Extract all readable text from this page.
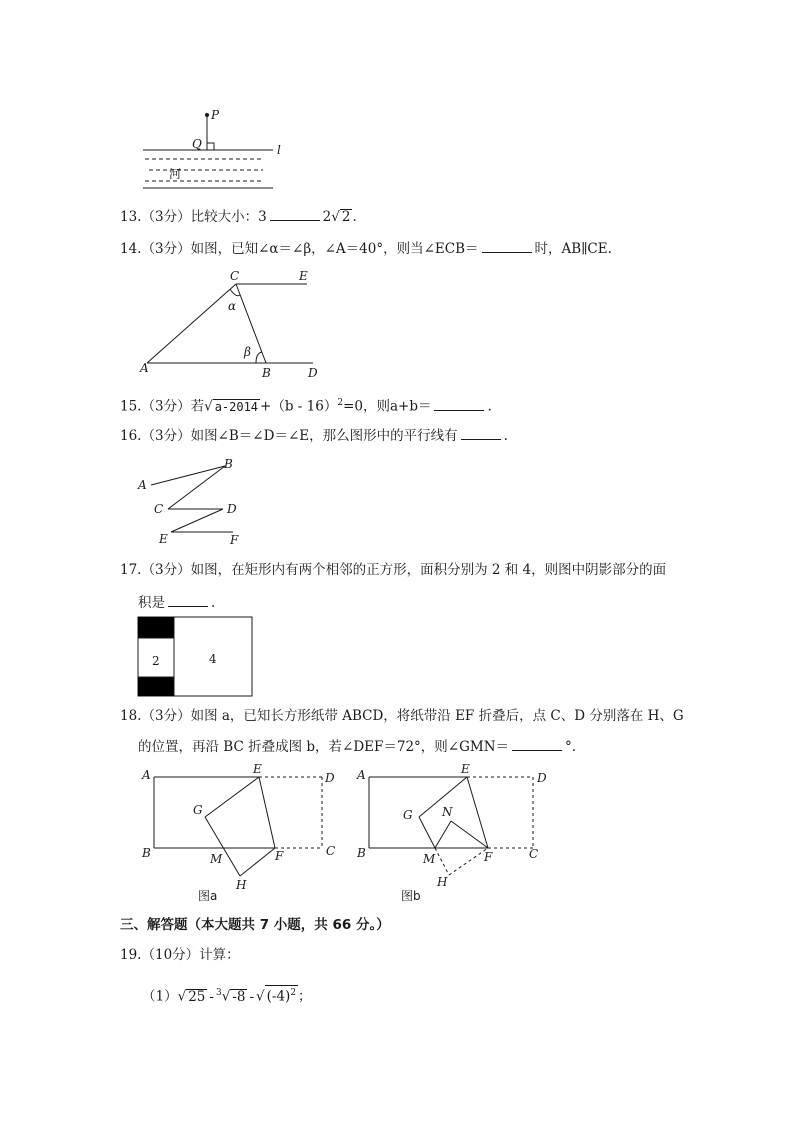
P
Q	l
河
13.（3分）比较大小：3	2√ 2 .
14.（3分）如图，已知∠α＝∠β，∠A＝40°，则当∠ECB＝	时，AB∥CE.
C	E
α
β
A	B	D
15.（3分）若√ a-2014 +（b - 16）$^2$=0，则a+b＝	.
16.（3分）如图∠B＝∠D＝∠E，那么图形中的平行线有	.
A
B
C	D
E	F
17.（3分）如图，在矩形内有两个相邻的正方形，面积分别为 2 和 4，则图中阴影部分的面
积是	.
2	4
18.（3分）如图 a，已知长方形纸带 ABCD，将纸带沿 EF 折叠后，点 C、D 分别落在 H、G
的位置，再沿 BC 折叠成图 b，若∠DEF＝72°，则∠GMN＝	°.
A	E
D
G
B	M	F	C
H
图a
A	E
D
G N
B	M	F	C
H
图b
三、解答题（本大题共 7 小题，共 66 分。）
19.（10分）计算：
（1）√ 25 - $^3$√ -8 - √ $(-4)^2$ ；
